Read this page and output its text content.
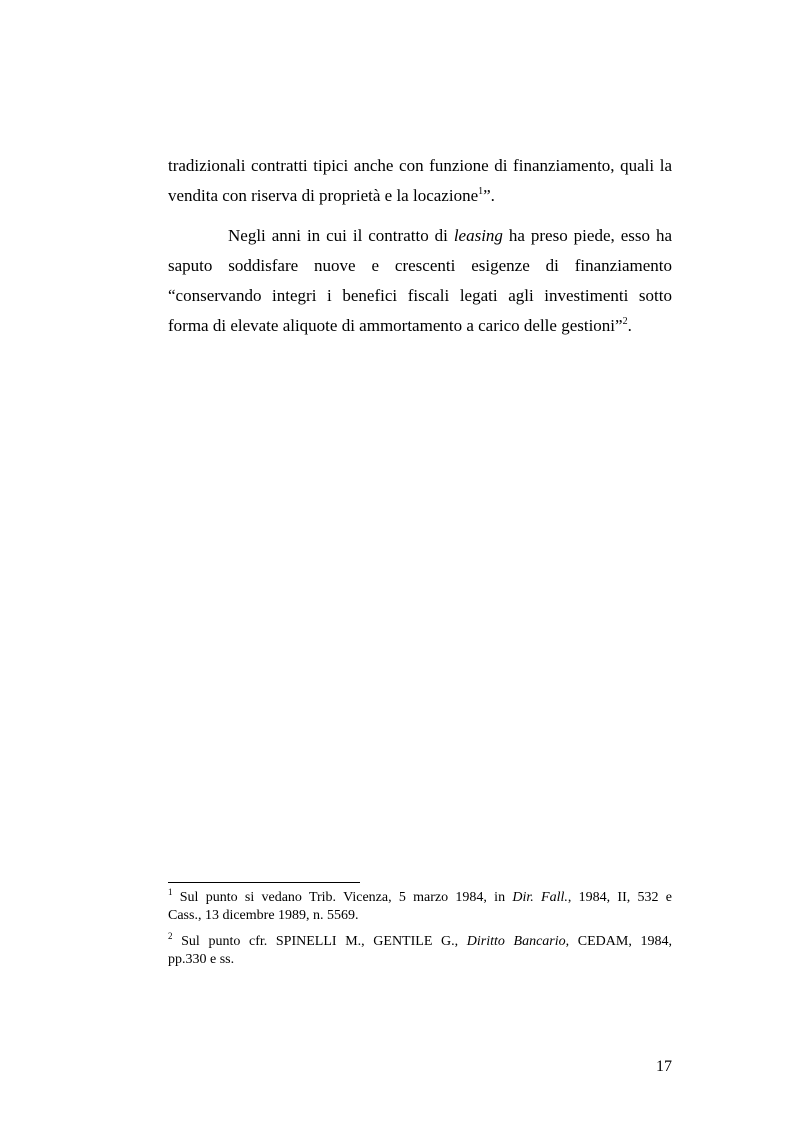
tradizionali contratti tipici anche con funzione di finanziamento, quali la
vendita con riserva di proprietà e la locazione$^1$”.
Negli anni in cui il contratto di leasing ha preso piede, esso ha
saputo soddisfare nuove e crescenti esigenze di finanziamento
“conservando integri i benefici fiscali legati agli investimenti sotto
forma di elevate aliquote di ammortamento a carico delle gestioni”$^2$.
$^1$ Sul punto si vedano Trib. Vicenza, 5 marzo 1984, in Dir. Fall., 1984, II, 532 e
Cass., 13 dicembre 1989, n. 5569.
$^2$ Sul punto cfr. SPINELLI M., GENTILE G., Diritto Bancario, CEDAM, 1984,
pp.330 e ss.
17
